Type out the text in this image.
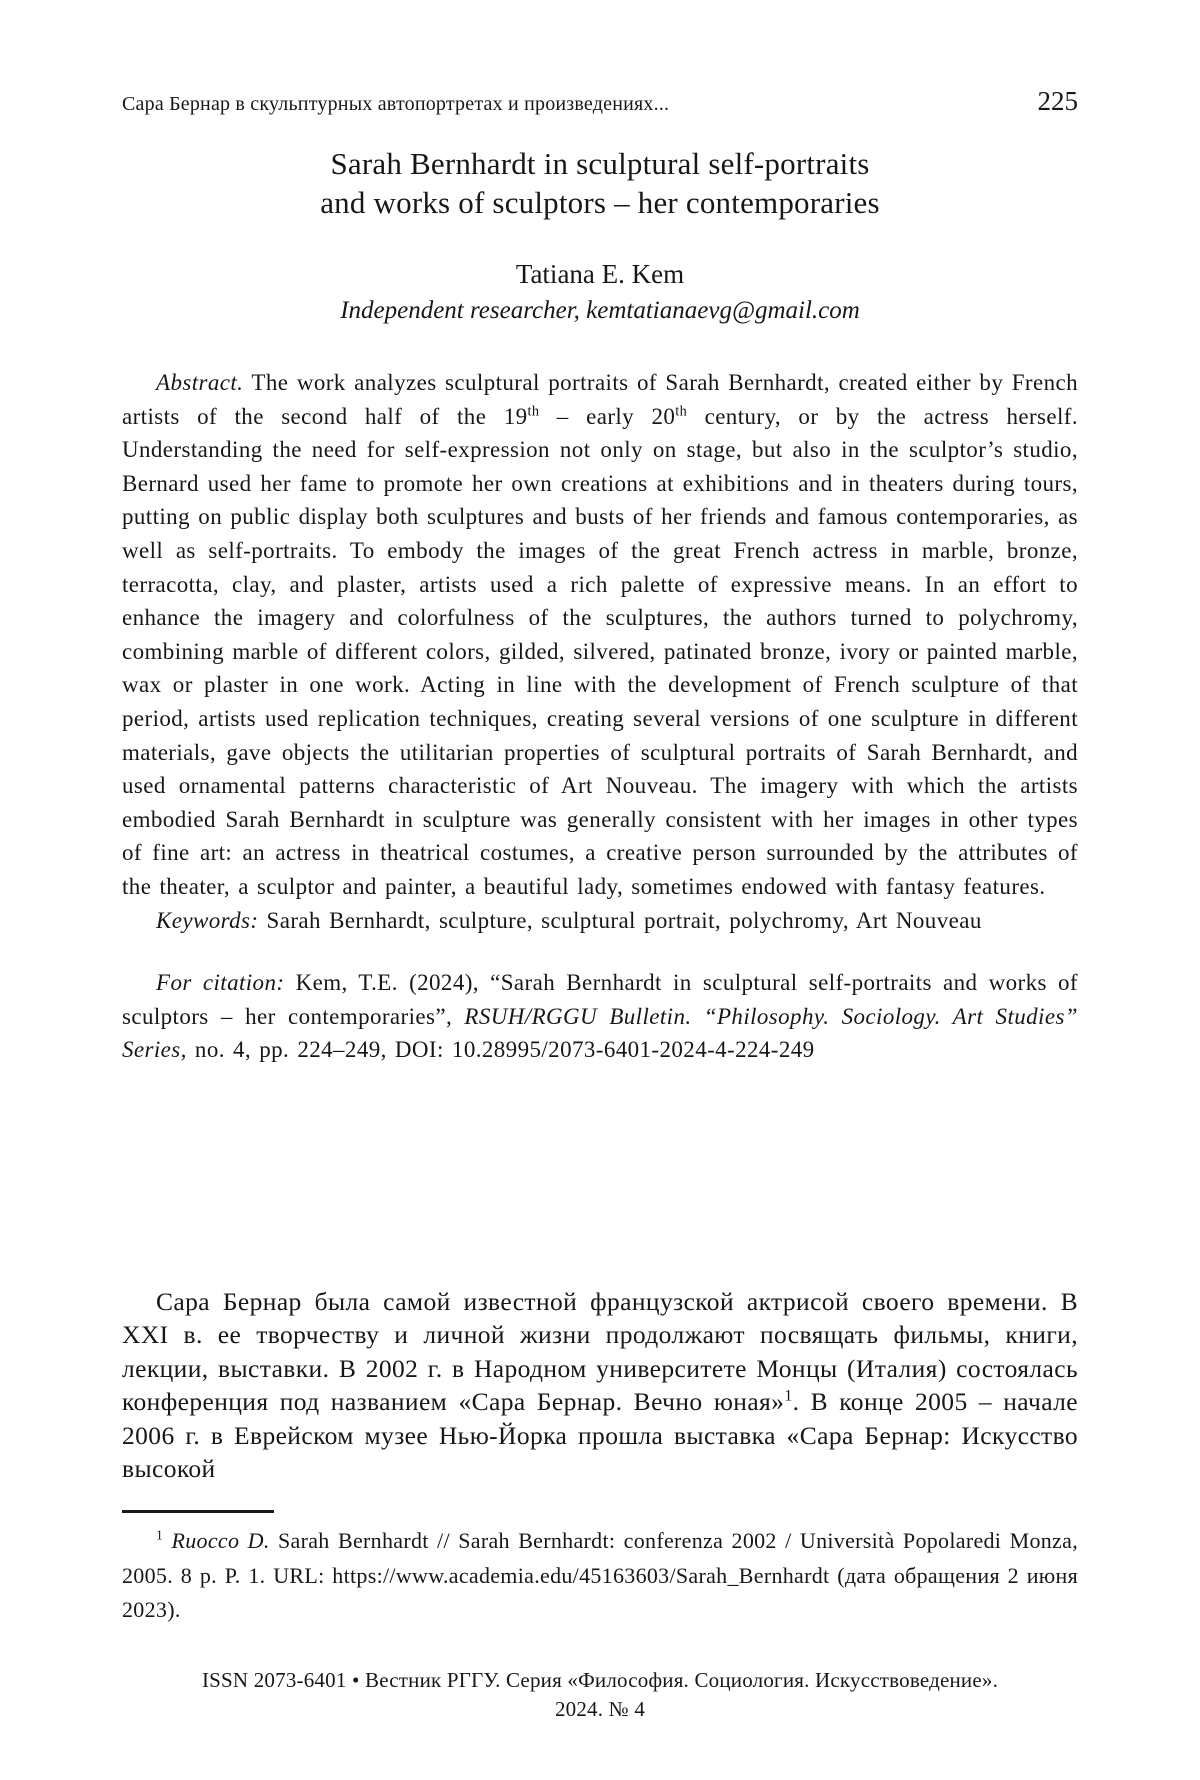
Сара Бернар в скульптурных автопортретах и произведениях...	225
Sarah Bernhardt in sculptural self-portraits
and works of sculptors – her contemporaries
Tatiana E. Kem
Independent researcher, kemtatianaevg@gmail.com

Abstract. The work analyzes sculptural portraits of Sarah Bernhardt, created either by French artists of the second half of the 19th – early 20th century, or by the actress herself. Understanding the need for self-expression not only on stage, but also in the sculptor’s studio, Bernard used her fame to promote her own creations at exhibitions and in theaters during tours, putting on public display both sculptures and busts of her friends and famous contemporaries, as well as self-portraits. To embody the images of the great French actress in marble, bronze, terracotta, clay, and plaster, artists used a rich palette of expressive means. In an effort to enhance the imagery and colorfulness of the sculptures, the authors turned to polychromy, combining marble of different colors, gilded, silvered, patinated bronze, ivory or painted marble, wax or plaster in one work. Acting in line with the development of French sculpture of that period, artists used replication techniques, creating several versions of one sculpture in different materials, gave objects the utilitarian properties of sculptural portraits of Sarah Bernhardt, and used ornamental patterns characteristic of Art Nouveau. The imagery with which the artists embodied Sarah Bernhardt in sculpture was generally consistent with her images in other types of fine art: an actress in theatrical costumes, a creative person surrounded by the attributes of the theater, a sculptor and painter, a beautiful lady, sometimes endowed with fantasy features.

Keywords: Sarah Bernhardt, sculpture, sculptural portrait, polychromy, Art Nouveau

For citation: Kem, T.E. (2024), “Sarah Bernhardt in sculptural self-portraits and works of sculptors – her contemporaries”, RSUH/RGGU Bulletin. “Philosophy. Sociology. Art Studies” Series, no. 4, pp. 224–249, DOI: 10.28995/2073-6401-2024-4-224-249

Сара Бернар была самой известной французской актрисой своего времени. В XXI в. ее творчеству и личной жизни продолжают посвящать фильмы, книги, лекции, выставки. В 2002 г. в Народном университете Монцы (Италия) состоялась конференция под названием «Сара Бернар. Вечно юная»$^1$. В конце 2005 – начале 2006 г. в Еврейском музее Нью-Йорка прошла выставка «Сара Бернар: Искусство высокой

$^1$ Ruocco D. Sarah Bernhardt // Sarah Bernhardt: conferenza 2002 / Università Popolaredi Monza, 2005. 8 p. P. 1. URL: https://www.academia.edu/45163603/Sarah_Bernhardt (дата обращения 2 июня 2023).

ISSN 2073-6401 • Вестник РГГУ. Серия «Философия. Социология. Искусствоведение».
2024. № 4
